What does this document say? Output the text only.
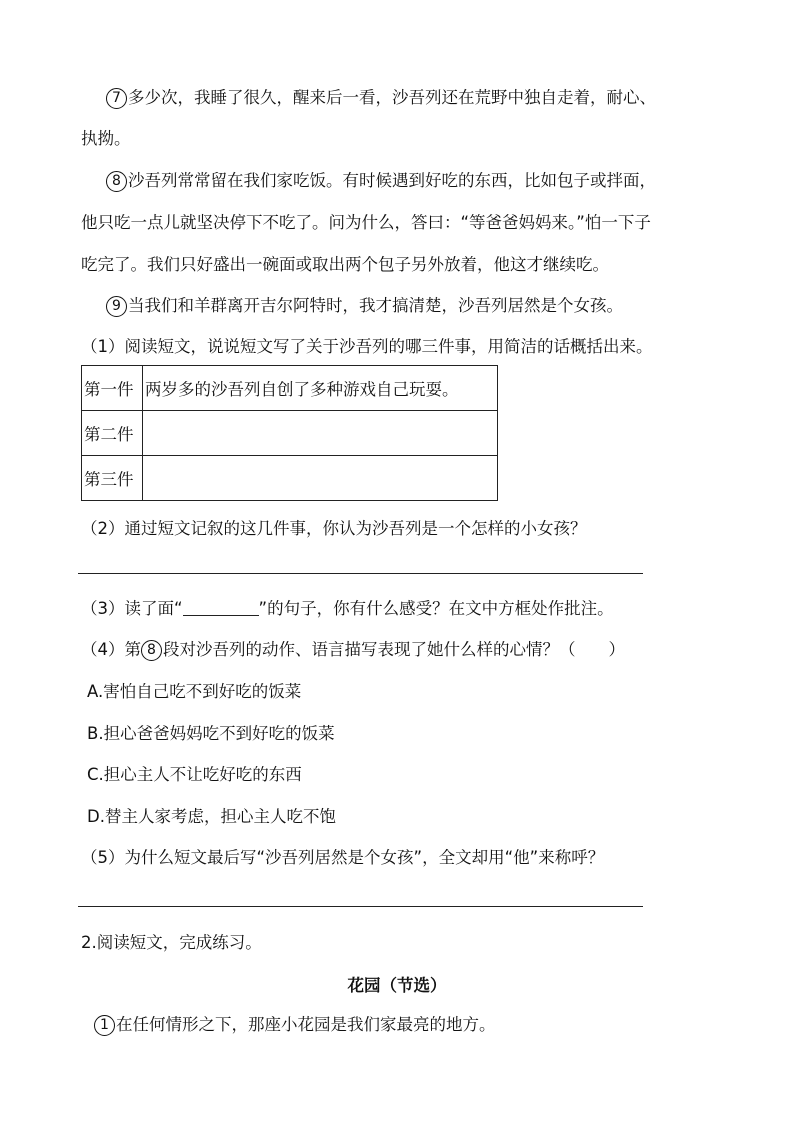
7 多少次，我睡了很久，醒来后一看，沙吾列还在荒野中独自走着，耐心、
执拗。
8 沙吾列常常留在我们家吃饭。有时候遇到好吃的东西，比如包子或拌面，
他只吃一点儿就坚决停下不吃了。问为什么，答曰：“等爸爸妈妈来。”怕一下子
吃完了。我们只好盛出一碗面或取出两个包子另外放着，他这才继续吃。
9 当我们和羊群离开吉尔阿特时，我才搞清楚，沙吾列居然是个女孩。
（1）阅读短文，说说短文写了关于沙吾列的哪三件事，用简洁的话概括出来。
第一件	两岁多的沙吾列自创了多种游戏自己玩耍。
第二件	
第三件	
（2）通过短文记叙的这几件事，你认为沙吾列是一个怎样的小女孩？
（3）读了面“	”的句子，你有什么感受？在文中方框处作批注。
（4）第 8 段对沙吾列的动作、语言描写表现了她什么样的心情？（　　）
A.害怕自己吃不到好吃的饭菜
B.担心爸爸妈妈吃不到好吃的饭菜
C.担心主人不让吃好吃的东西
D.替主人家考虑，担心主人吃不饱
（5）为什么短文最后写“沙吾列居然是个女孩”，全文却用“他”来称呼？
2.阅读短文，完成练习。
花园（节选）
1 在任何情形之下，那座小花园是我们家最亮的地方。
